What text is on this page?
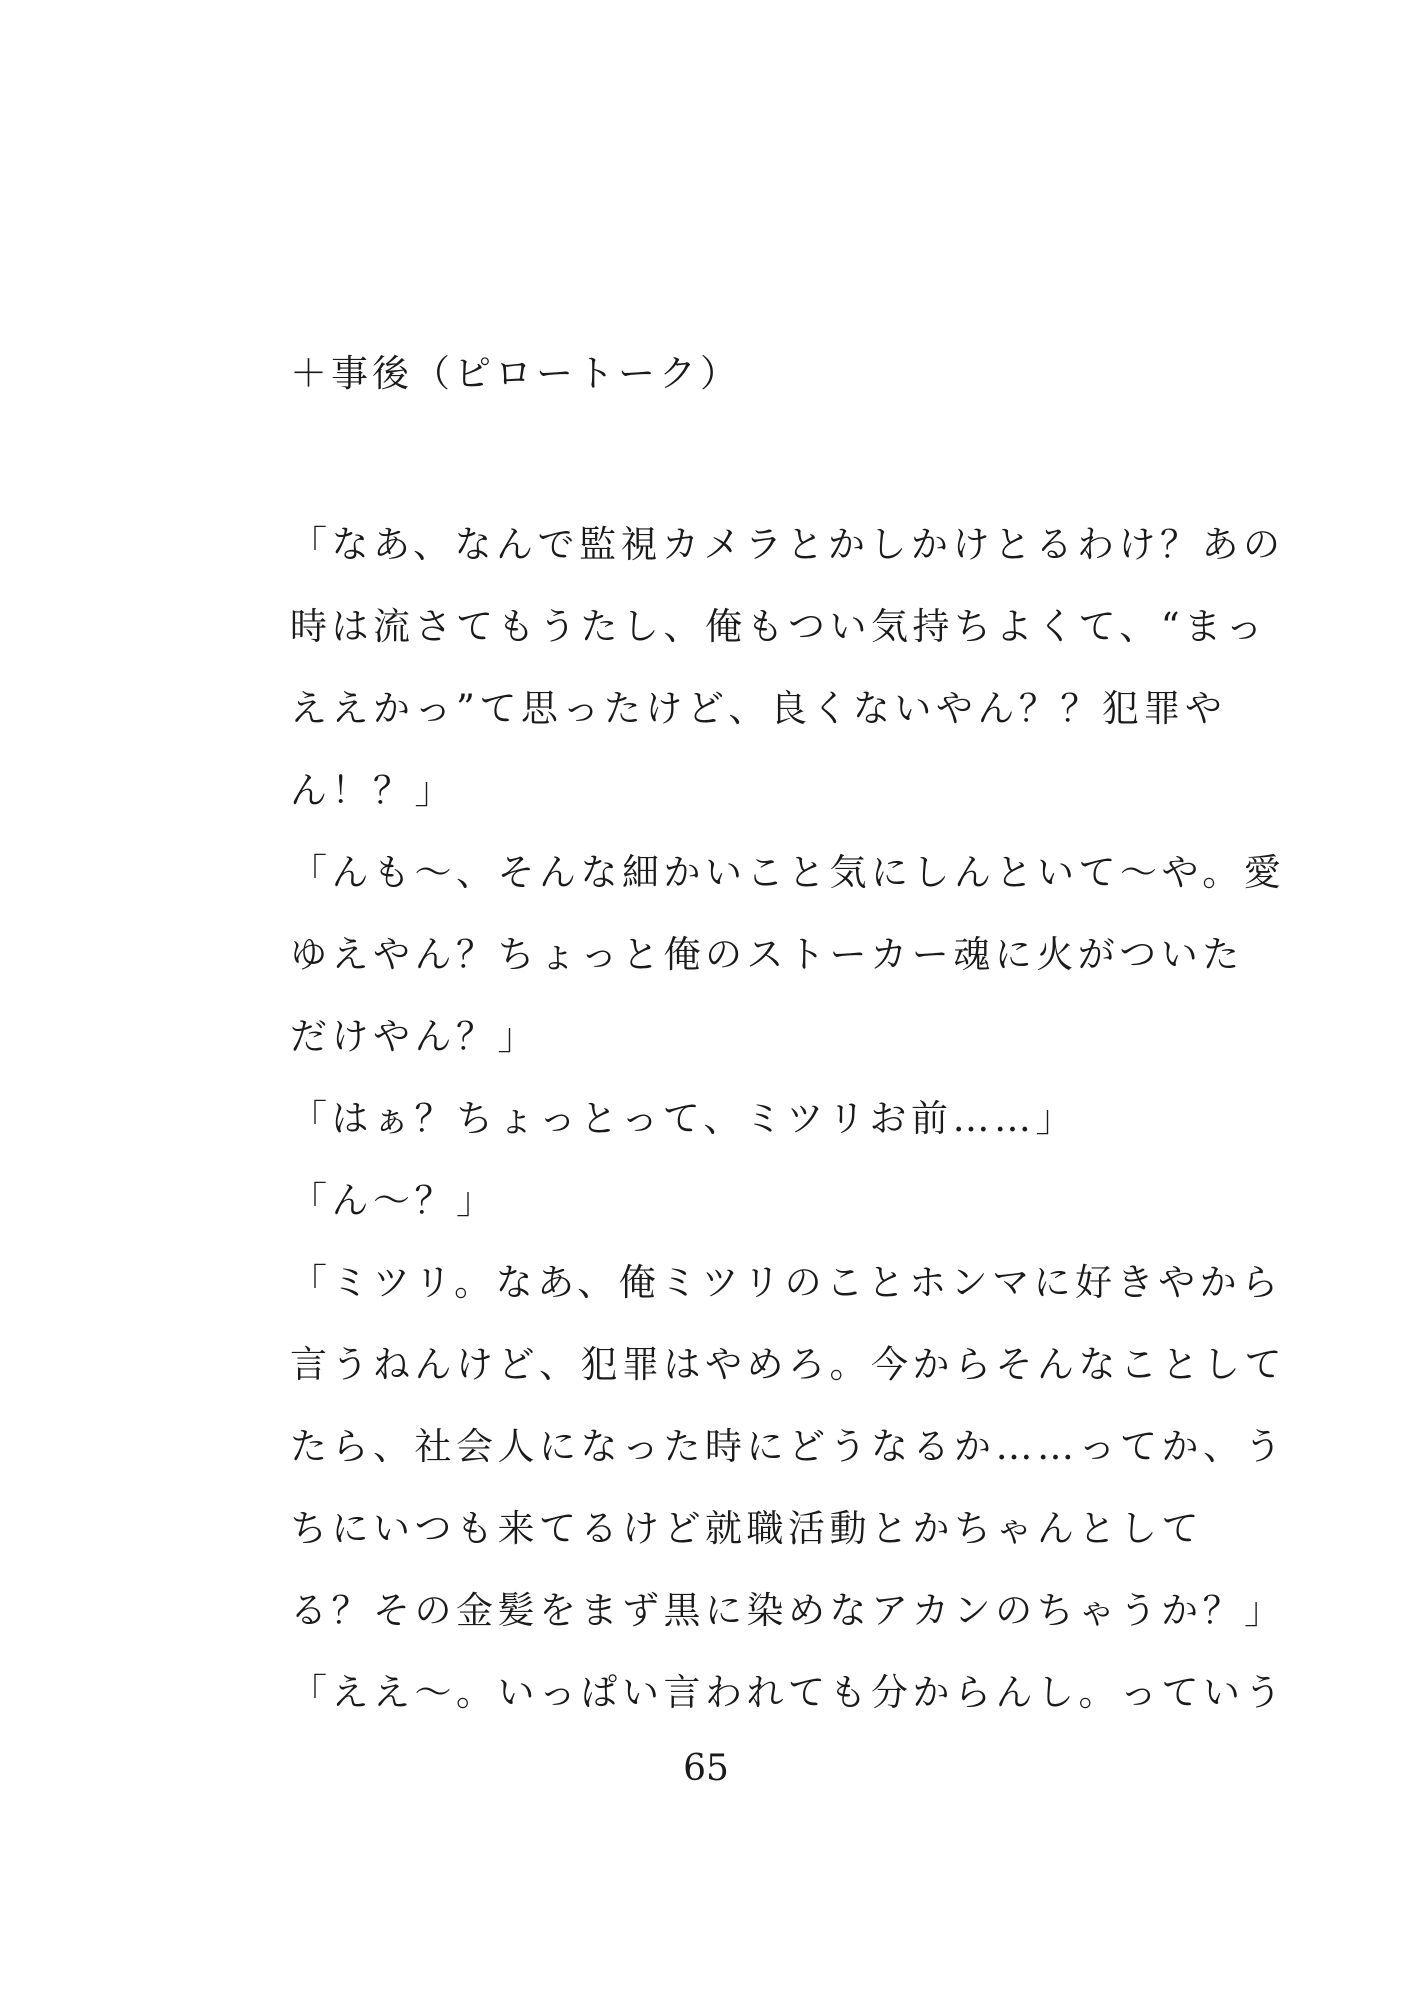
＋事後（ピロートーク）
「なあ、なんで監視カメラとかしかけとるわけ？あの
時は流さてもうたし、俺もつい気持ちよくて、“まっ
ええかっ”て思ったけど、良くないやん？？犯罪や
ん！？」
「んも～、そんな細かいこと気にしんといて～や。愛
ゆえやん？ちょっと俺のストーカー魂に火がついた
だけやん？」
「はぁ？ちょっとって、ミツリお前……」
「ん～？」
「ミツリ。なあ、俺ミツリのことホンマに好きやから
言うねんけど、犯罪はやめろ。今からそんなことして
たら、社会人になった時にどうなるか……ってか、う
ちにいつも来てるけど就職活動とかちゃんとして
る？その金髪をまず黒に染めなアカンのちゃうか？」
「ええ～。いっぱい言われても分からんし。っていう
65
